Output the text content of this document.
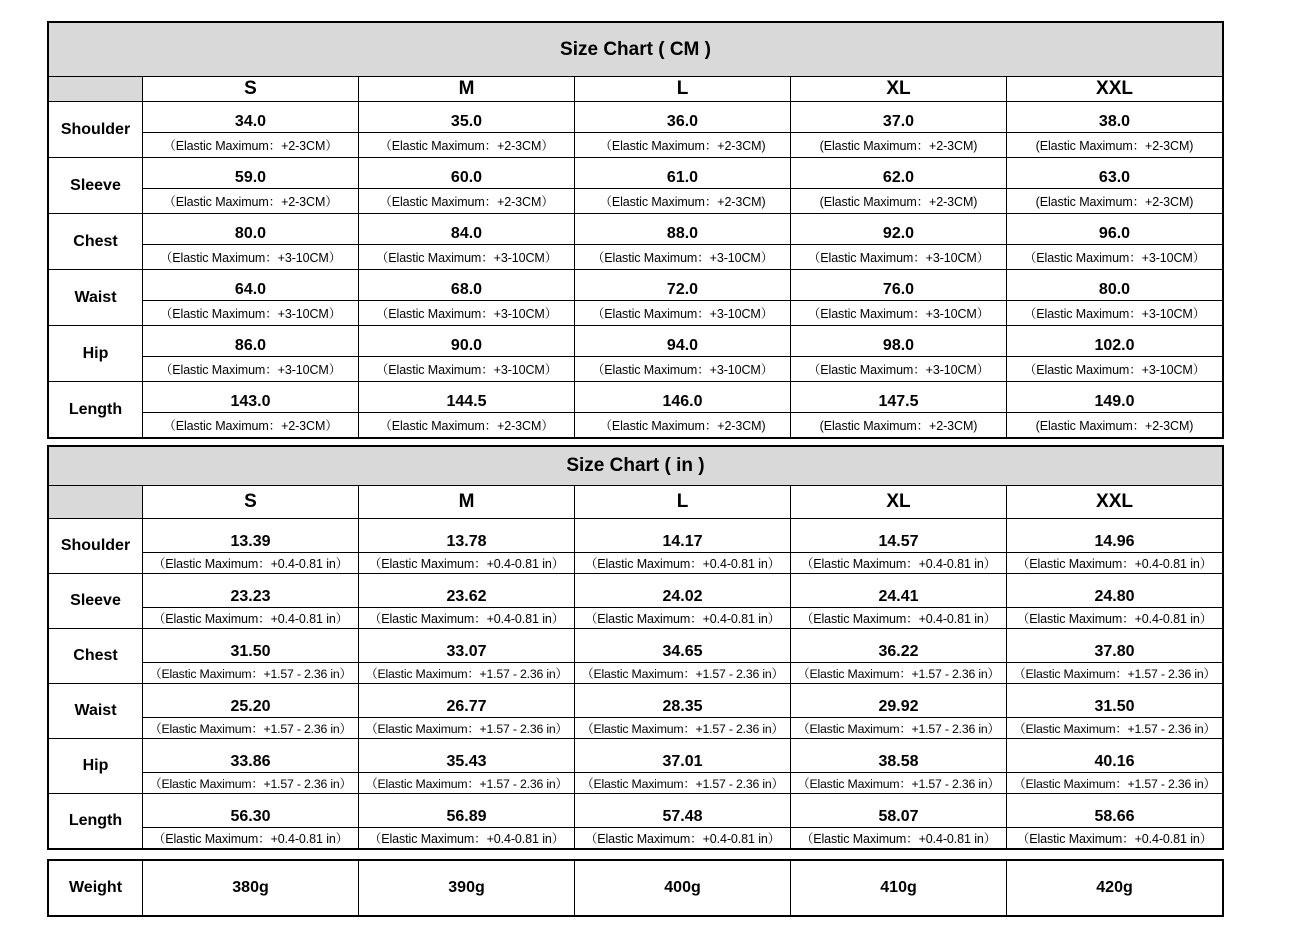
Size Chart ( CM )					
	S	M	L	XL	XXL
Shoulder	34.0	35.0	36.0	37.0	38.0
	（Elastic Maximum：+2-3CM）	（Elastic Maximum：+2-3CM）	（Elastic Maximum：+2-3CM)	(Elastic Maximum：+2-3CM)	(Elastic Maximum：+2-3CM)
Sleeve	59.0	60.0	61.0	62.0	63.0
	（Elastic Maximum：+2-3CM）	（Elastic Maximum：+2-3CM）	（Elastic Maximum：+2-3CM)	(Elastic Maximum：+2-3CM)	(Elastic Maximum：+2-3CM)
Chest	80.0	84.0	88.0	92.0	96.0
	（Elastic Maximum：+3-10CM）	（Elastic Maximum：+3-10CM）	（Elastic Maximum：+3-10CM）	（Elastic Maximum：+3-10CM）	（Elastic Maximum：+3-10CM）
Waist	64.0	68.0	72.0	76.0	80.0
	（Elastic Maximum：+3-10CM）	（Elastic Maximum：+3-10CM）	（Elastic Maximum：+3-10CM）	（Elastic Maximum：+3-10CM）	（Elastic Maximum：+3-10CM）
Hip	86.0	90.0	94.0	98.0	102.0
	（Elastic Maximum：+3-10CM）	（Elastic Maximum：+3-10CM）	（Elastic Maximum：+3-10CM）	（Elastic Maximum：+3-10CM）	（Elastic Maximum：+3-10CM）
Length	143.0	144.5	146.0	147.5	149.0
	（Elastic Maximum：+2-3CM）	（Elastic Maximum：+2-3CM）	（Elastic Maximum：+2-3CM)	(Elastic Maximum：+2-3CM)	(Elastic Maximum：+2-3CM)
Size Chart ( in )					
	S	M	L	XL	XXL
Shoulder	13.39	13.78	14.17	14.57	14.96
	（Elastic Maximum：+0.4-0.81 in）	（Elastic Maximum：+0.4-0.81 in）	（Elastic Maximum：+0.4-0.81 in）	（Elastic Maximum：+0.4-0.81 in）	（Elastic Maximum：+0.4-0.81 in）
Sleeve	23.23	23.62	24.02	24.41	24.80
	（Elastic Maximum：+0.4-0.81 in）	（Elastic Maximum：+0.4-0.81 in）	（Elastic Maximum：+0.4-0.81 in）	（Elastic Maximum：+0.4-0.81 in）	（Elastic Maximum：+0.4-0.81 in）
Chest	31.50	33.07	34.65	36.22	37.80
	（Elastic Maximum：+1.57 - 2.36 in）	（Elastic Maximum：+1.57 - 2.36 in）	（Elastic Maximum：+1.57 - 2.36 in）	（Elastic Maximum：+1.57 - 2.36 in）	（Elastic Maximum：+1.57 - 2.36 in）
Waist	25.20	26.77	28.35	29.92	31.50
	（Elastic Maximum：+1.57 - 2.36 in）	（Elastic Maximum：+1.57 - 2.36 in）	（Elastic Maximum：+1.57 - 2.36 in）	（Elastic Maximum：+1.57 - 2.36 in）	（Elastic Maximum：+1.57 - 2.36 in）
Hip	33.86	35.43	37.01	38.58	40.16
	（Elastic Maximum：+1.57 - 2.36 in）	（Elastic Maximum：+1.57 - 2.36 in）	（Elastic Maximum：+1.57 - 2.36 in）	（Elastic Maximum：+1.57 - 2.36 in）	（Elastic Maximum：+1.57 - 2.36 in）
Length	56.30	56.89	57.48	58.07	58.66
	（Elastic Maximum：+0.4-0.81 in）	（Elastic Maximum：+0.4-0.81 in）	（Elastic Maximum：+0.4-0.81 in）	（Elastic Maximum：+0.4-0.81 in）	（Elastic Maximum：+0.4-0.81 in）
Weight	380g	390g	400g	410g	420g
